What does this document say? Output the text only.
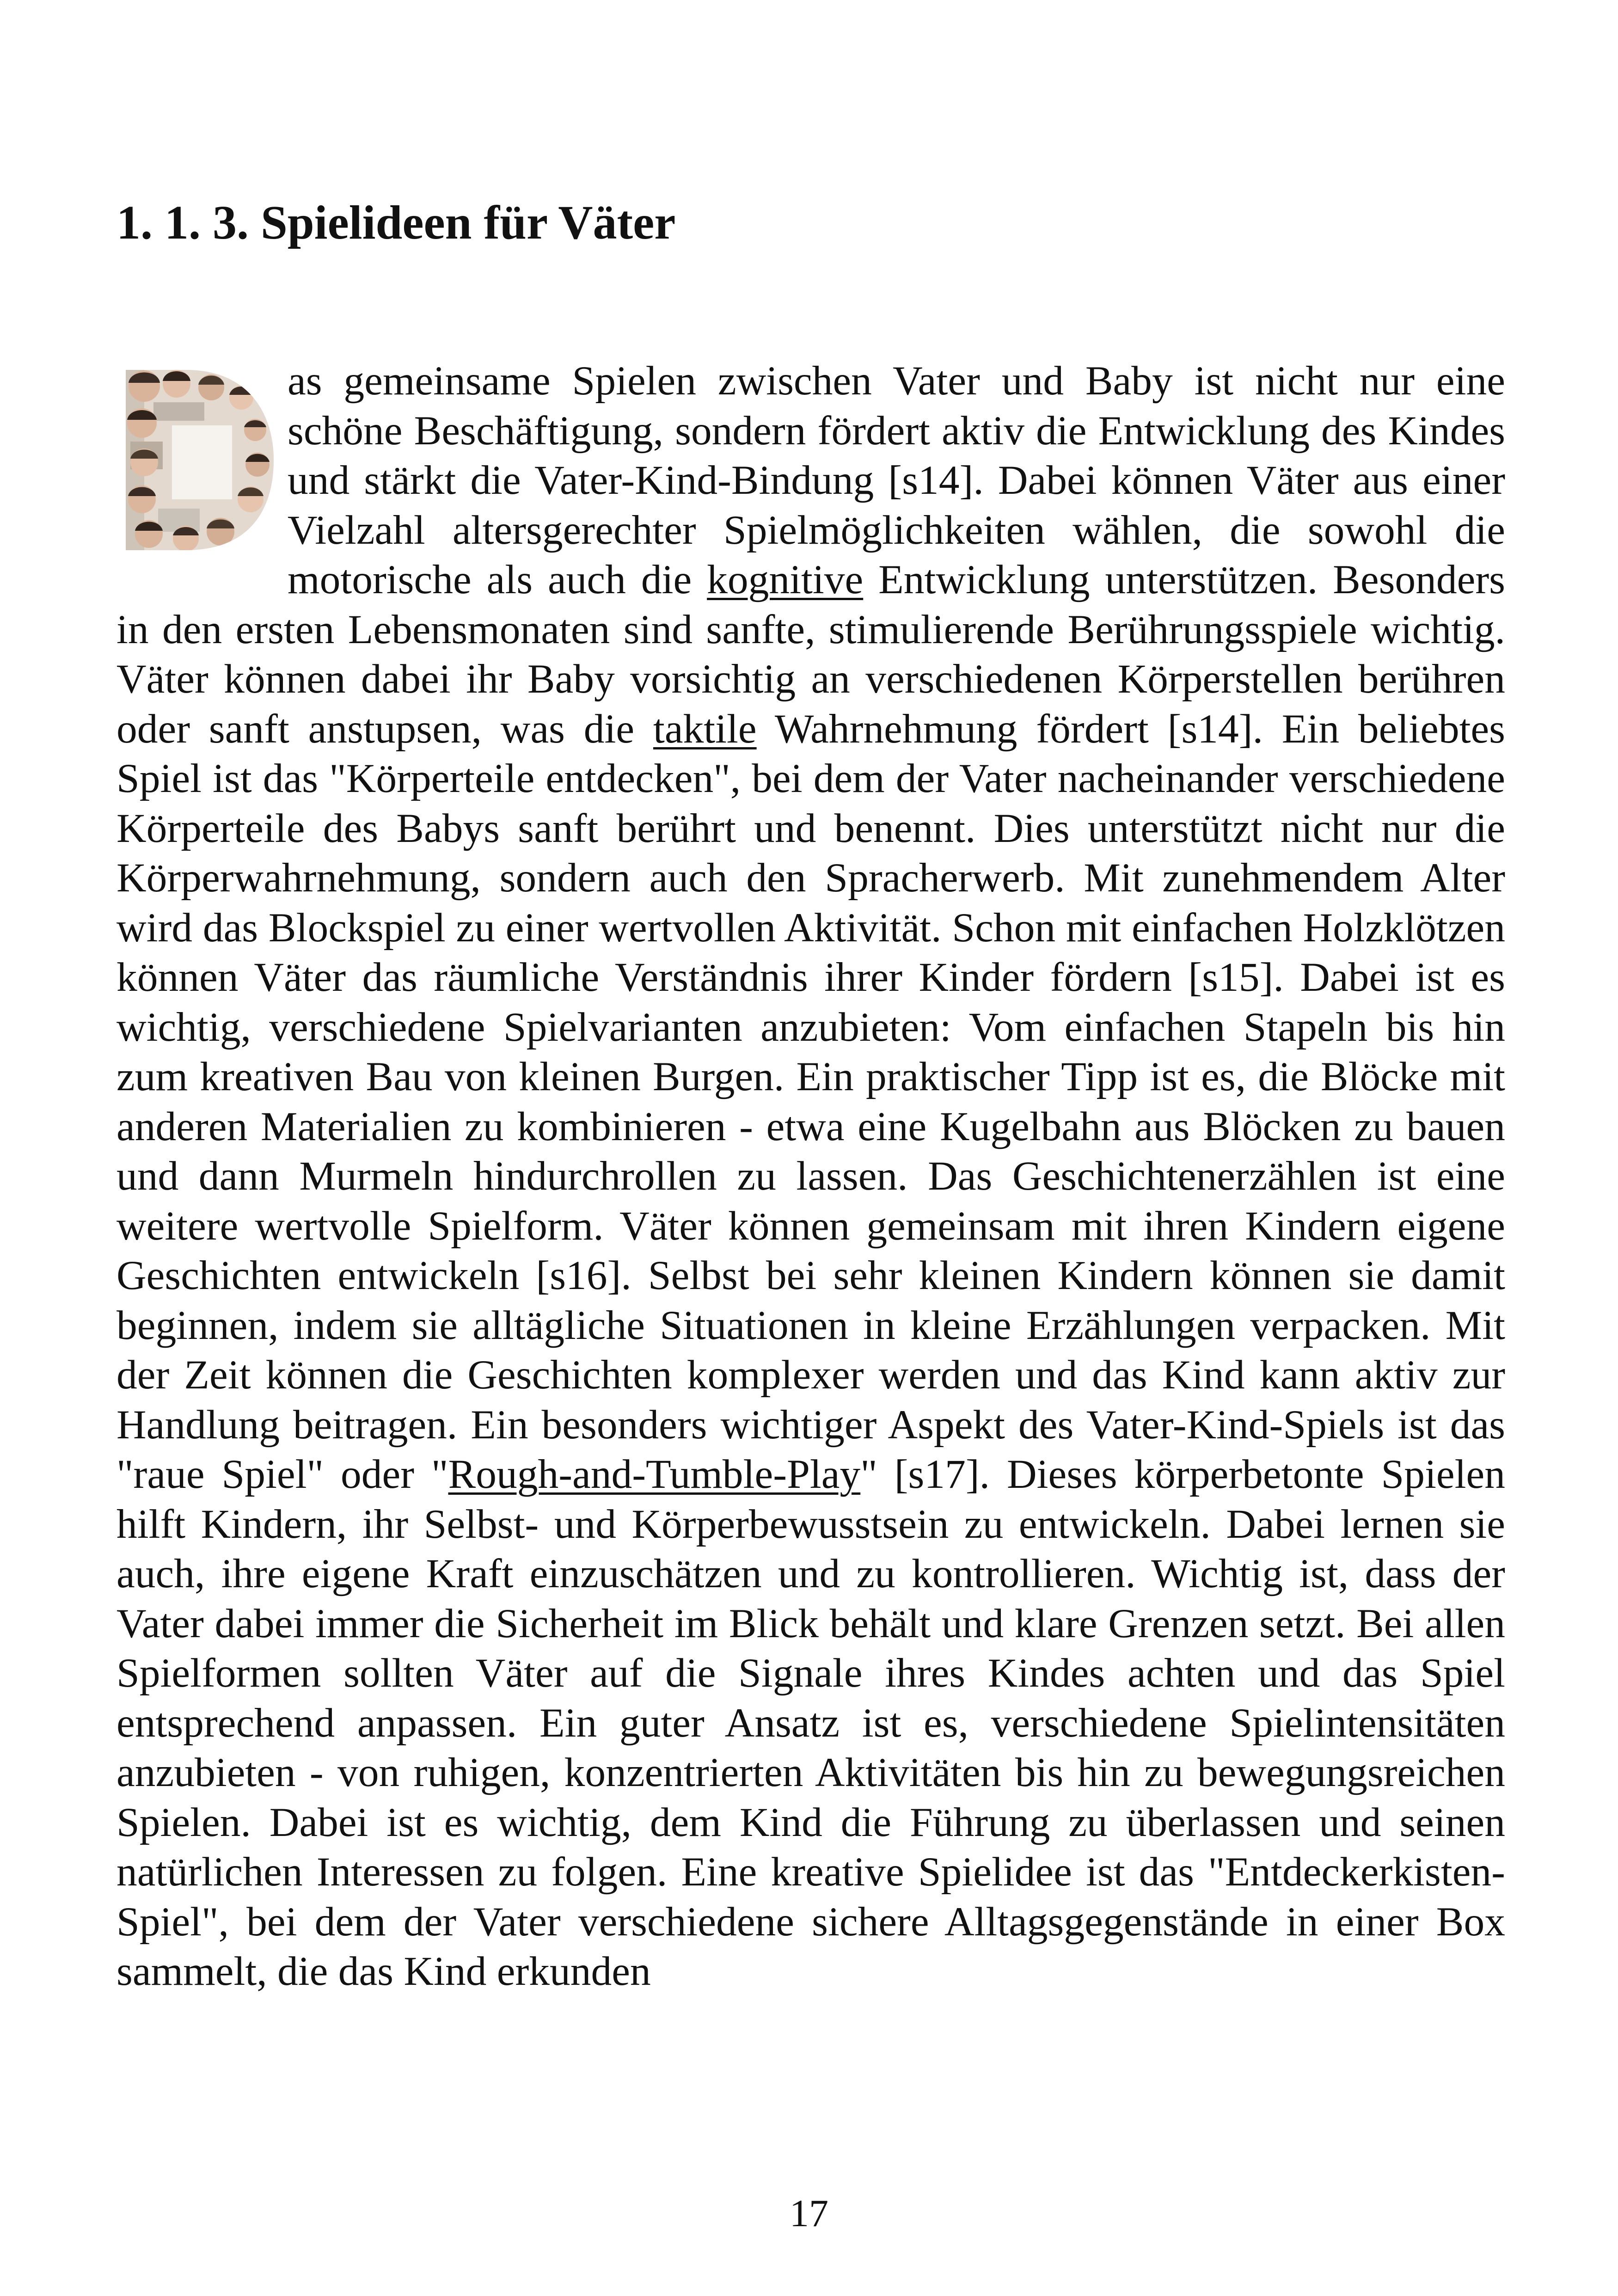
1. 1. 3. Spielideen für Väter

as gemeinsame Spielen zwischen Vater und Baby ist nicht nur eine schöne Beschäftigung, sondern fördert aktiv die Entwicklung des Kindes und stärkt die Vater-Kind-Bindung [s14]. Dabei können Väter aus einer Vielzahl altersgerechter Spielmöglichkeiten wählen, die sowohl die motorische als auch die kognitive Entwicklung unterstützen. Besonders in den ersten Lebensmonaten sind sanfte, stimulierende Berührungsspiele wichtig. Väter können dabei ihr Baby vorsichtig an verschiedenen Körperstellen berühren oder sanft anstupsen, was die taktile Wahrnehmung fördert [s14]. Ein beliebtes Spiel ist das "Körperteile entdecken", bei dem der Vater nacheinander verschiedene Körperteile des Babys sanft berührt und benennt. Dies unterstützt nicht nur die Körperwahrnehmung, sondern auch den Spracherwerb. Mit zunehmendem Alter wird das Blockspiel zu einer wertvollen Aktivität. Schon mit einfachen Holzklötzen können Väter das räumliche Verständnis ihrer Kinder fördern [s15]. Dabei ist es wichtig, verschiedene Spielvarianten anzubieten: Vom einfachen Stapeln bis hin zum kreativen Bau von kleinen Burgen. Ein praktischer Tipp ist es, die Blöcke mit anderen Materialien zu kombinieren - etwa eine Kugelbahn aus Blöcken zu bauen und dann Murmeln hindurchrollen zu lassen. Das Geschichtenerzählen ist eine weitere wertvolle Spielform. Väter können gemeinsam mit ihren Kindern eigene Geschichten entwickeln [s16]. Selbst bei sehr kleinen Kindern können sie damit beginnen, indem sie alltägliche Situationen in kleine Erzählungen verpacken. Mit der Zeit können die Geschichten komplexer werden und das Kind kann aktiv zur Handlung beitragen. Ein besonders wichtiger Aspekt des Vater-Kind-Spiels ist das "raue Spiel" oder "Rough-and-Tumble-Play" [s17]. Dieses körperbetonte Spielen hilft Kindern, ihr Selbst- und Körperbewusstsein zu entwickeln. Dabei lernen sie auch, ihre eigene Kraft einzuschätzen und zu kontrollieren. Wichtig ist, dass der Vater dabei immer die Sicherheit im Blick behält und klare Grenzen setzt. Bei allen Spielformen sollten Väter auf die Signale ihres Kindes achten und das Spiel entsprechend anpassen. Ein guter Ansatz ist es, verschiedene Spielintensitäten anzubieten - von ruhigen, konzentrierten Aktivitäten bis hin zu bewegungsreichen Spielen. Dabei ist es wichtig, dem Kind die Führung zu überlassen und seinen natürlichen Interessen zu folgen. Eine kreative Spielidee ist das "Entdeckerkisten-Spiel", bei dem der Vater verschiedene sichere Alltagsgegenstände in einer Box sammelt, die das Kind erkunden

17
